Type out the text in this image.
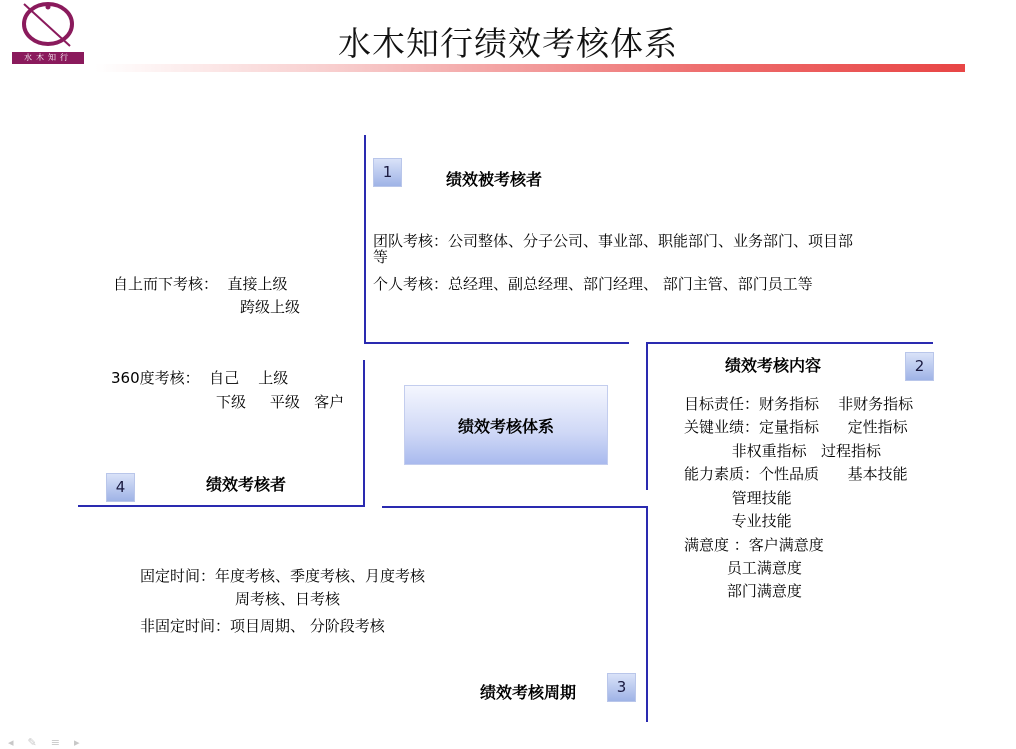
水木知行绩效考核体系
水木知行
绩效考核体系
1	绩效被考核者
团队考核：公司整体、分子公司、事业部、职能部门、业务部门、项目部
等
个人考核：总经理、副总经理、部门经理、 部门主管、部门员工等
自上而下考核：  直接上级
跨级上级
绩效考核内容	2
目标责任：财务指标    非财务指标
关键业绩：定量指标      定性指标
非权重指标   过程指标
能力素质：个性品质      基本技能
管理技能
专业技能
满意度 ：客户满意度
员工满意度
部门满意度
360度考核：  自己    上级
下级     平级   客户
4	绩效考核者
固定时间：年度考核、季度考核、月度考核
周考核、日考核
非固定时间：项目周期、 分阶段考核
绩效考核周期	3
◂✎≡▸
